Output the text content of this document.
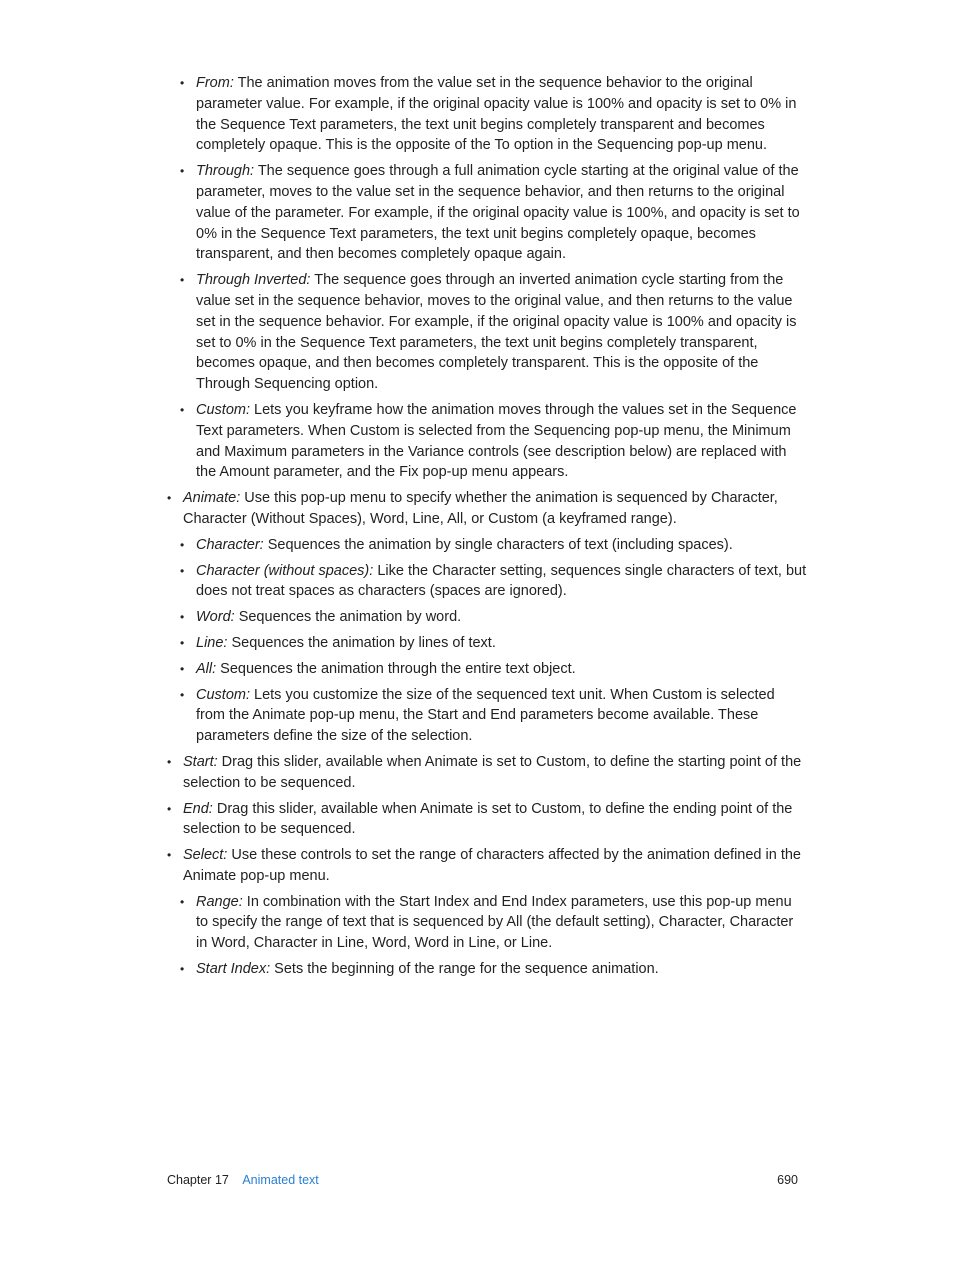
• From: The animation moves from the value set in the sequence behavior to the original parameter value. For example, if the original opacity value is 100% and opacity is set to 0% in the Sequence Text parameters, the text unit begins completely transparent and becomes completely opaque. This is the opposite of the To option in the Sequencing pop-up menu.
• Through: The sequence goes through a full animation cycle starting at the original value of the parameter, moves to the value set in the sequence behavior, and then returns to the original value of the parameter. For example, if the original opacity value is 100%, and opacity is set to 0% in the Sequence Text parameters, the text unit begins completely opaque, becomes transparent, and then becomes completely opaque again.
• Through Inverted: The sequence goes through an inverted animation cycle starting from the value set in the sequence behavior, moves to the original value, and then returns to the value set in the sequence behavior. For example, if the original opacity value is 100% and opacity is set to 0% in the Sequence Text parameters, the text unit begins completely transparent, becomes opaque, and then becomes completely transparent. This is the opposite of the Through Sequencing option.
• Custom: Lets you keyframe how the animation moves through the values set in the Sequence Text parameters. When Custom is selected from the Sequencing pop-up menu, the Minimum and Maximum parameters in the Variance controls (see description below) are replaced with the Amount parameter, and the Fix pop-up menu appears.
• Animate: Use this pop-up menu to specify whether the animation is sequenced by Character, Character (Without Spaces), Word, Line, All, or Custom (a keyframed range).
• Character: Sequences the animation by single characters of text (including spaces).
• Character (without spaces): Like the Character setting, sequences single characters of text, but does not treat spaces as characters (spaces are ignored).
• Word: Sequences the animation by word.
• Line: Sequences the animation by lines of text.
• All: Sequences the animation through the entire text object.
• Custom: Lets you customize the size of the sequenced text unit. When Custom is selected from the Animate pop-up menu, the Start and End parameters become available. These parameters define the size of the selection.
• Start: Drag this slider, available when Animate is set to Custom, to define the starting point of the selection to be sequenced.
• End: Drag this slider, available when Animate is set to Custom, to define the ending point of the selection to be sequenced.
• Select: Use these controls to set the range of characters affected by the animation defined in the Animate pop-up menu.
• Range: In combination with the Start Index and End Index parameters, use this pop-up menu to specify the range of text that is sequenced by All (the default setting), Character, Character in Word, Character in Line, Word, Word in Line, or Line.
• Start Index: Sets the beginning of the range for the sequence animation.
Chapter 17 Animated text	690
